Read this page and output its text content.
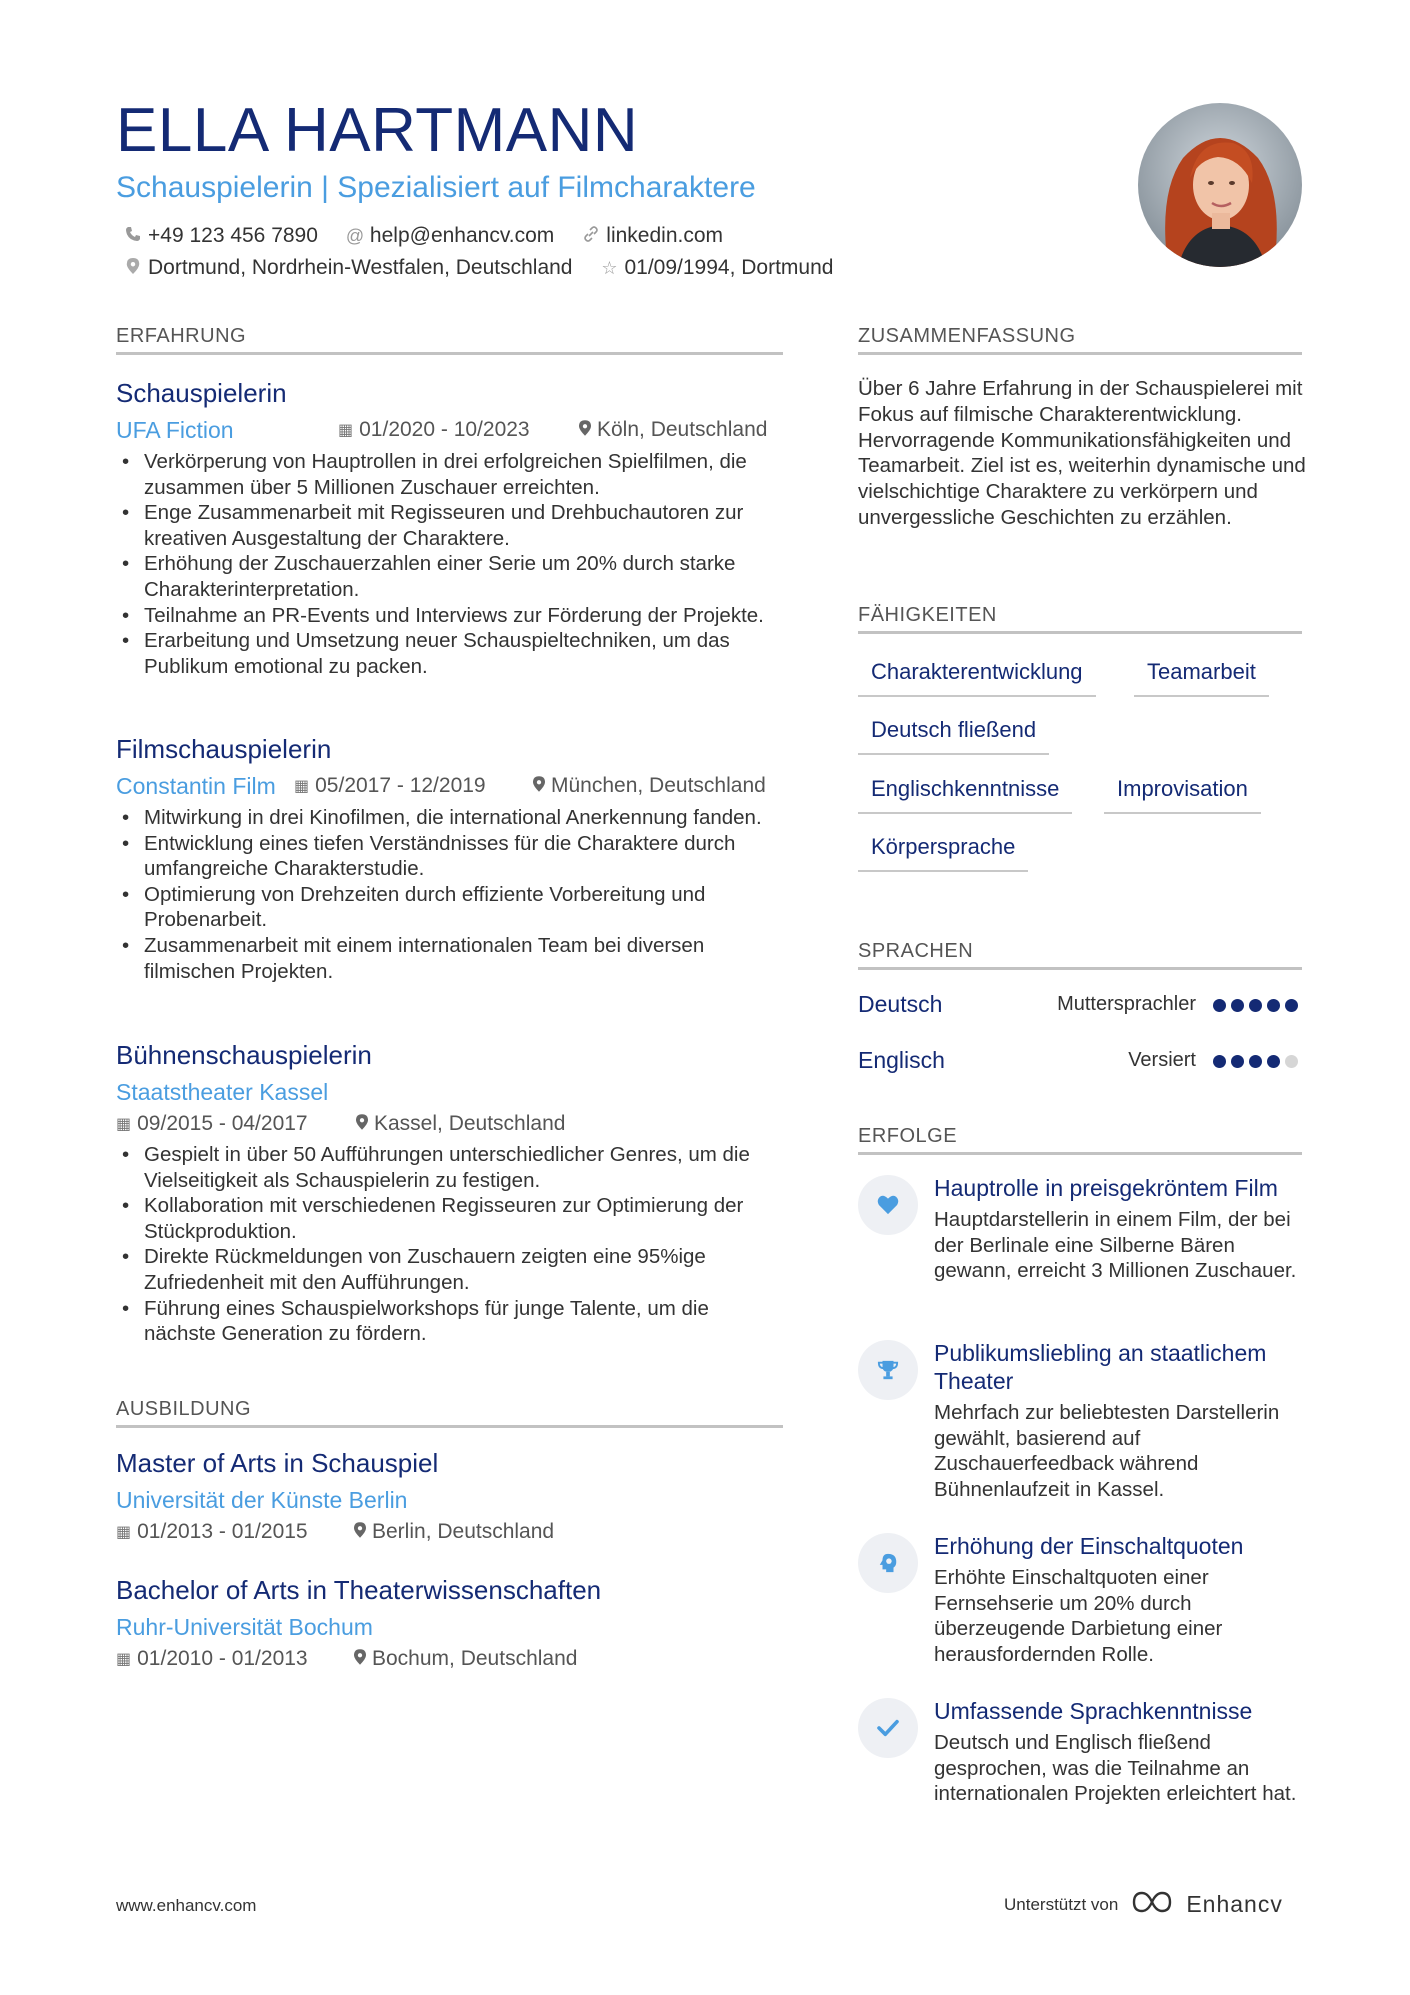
ELLA HARTMANN
Schauspielerin | Spezialisiert auf Filmcharaktere
+49 123 456 7890 @ help@enhancv.com linkedin.com
Dortmund, Nordrhein-Westfalen, Deutschland ☆ 01/09/1994, Dortmund
ERFAHRUNG
Schauspielerin
UFA Fiction	▦ 01/2020 - 10/2023	Köln, Deutschland
• Verkörperung von Hauptrollen in drei erfolgreichen Spielfilmen, die zusammen über 5 Millionen Zuschauer erreichten.
• Enge Zusammenarbeit mit Regisseuren und Drehbuchautoren zur kreativen Ausgestaltung der Charaktere.
• Erhöhung der Zuschauerzahlen einer Serie um 20% durch starke Charakterinterpretation.
• Teilnahme an PR-Events und Interviews zur Förderung der Projekte.
• Erarbeitung und Umsetzung neuer Schauspieltechniken, um das Publikum emotional zu packen.
Filmschauspielerin
Constantin Film ▦ 05/2017 - 12/2019	München, Deutschland
• Mitwirkung in drei Kinofilmen, die international Anerkennung fanden.
• Entwicklung eines tiefen Verständnisses für die Charaktere durch umfangreiche Charakterstudie.
• Optimierung von Drehzeiten durch effiziente Vorbereitung und Probenarbeit.
• Zusammenarbeit mit einem internationalen Team bei diversen filmischen Projekten.
Bühnenschauspielerin
Staatstheater Kassel
▦ 09/2015 - 04/2017	Kassel, Deutschland
• Gespielt in über 50 Aufführungen unterschiedlicher Genres, um die Vielseitigkeit als Schauspielerin zu festigen.
• Kollaboration mit verschiedenen Regisseuren zur Optimierung der Stückproduktion.
• Direkte Rückmeldungen von Zuschauern zeigten eine 95%ige Zufriedenheit mit den Aufführungen.
• Führung eines Schauspielworkshops für junge Talente, um die nächste Generation zu fördern.
AUSBILDUNG
Master of Arts in Schauspiel
Universität der Künste Berlin
▦ 01/2013 - 01/2015	Berlin, Deutschland
Bachelor of Arts in Theaterwissenschaften
Ruhr-Universität Bochum
▦ 01/2010 - 01/2013	Bochum, Deutschland
ZUSAMMENFASSUNG
Über 6 Jahre Erfahrung in der Schauspielerei mit Fokus auf filmische Charakterentwicklung. Hervorragende Kommunikationsfähigkeiten und Teamarbeit. Ziel ist es, weiterhin dynamische und vielschichtige Charaktere zu verkörpern und unvergessliche Geschichten zu erzählen.
FÄHIGKEITEN
Charakterentwicklung	Teamarbeit
Deutsch fließend
Englischkenntnisse	Improvisation
Körpersprache
SPRACHEN
Deutsch	Muttersprachler
Englisch	Versiert
ERFOLGE
Hauptrolle in preisgekröntem Film
Hauptdarstellerin in einem Film, der bei der Berlinale eine Silberne Bären gewann, erreicht 3 Millionen Zuschauer.
Publikumsliebling an staatlichem Theater
Mehrfach zur beliebtesten Darstellerin gewählt, basierend auf Zuschauerfeedback während Bühnenlaufzeit in Kassel.
Erhöhung der Einschaltquoten
Erhöhte Einschaltquoten einer Fernsehserie um 20% durch überzeugende Darbietung einer herausfordernden Rolle.
Umfassende Sprachkenntnisse
Deutsch und Englisch fließend gesprochen, was die Teilnahme an internationalen Projekten erleichtert hat.
www.enhancv.com	Unterstützt von	Enhancv
